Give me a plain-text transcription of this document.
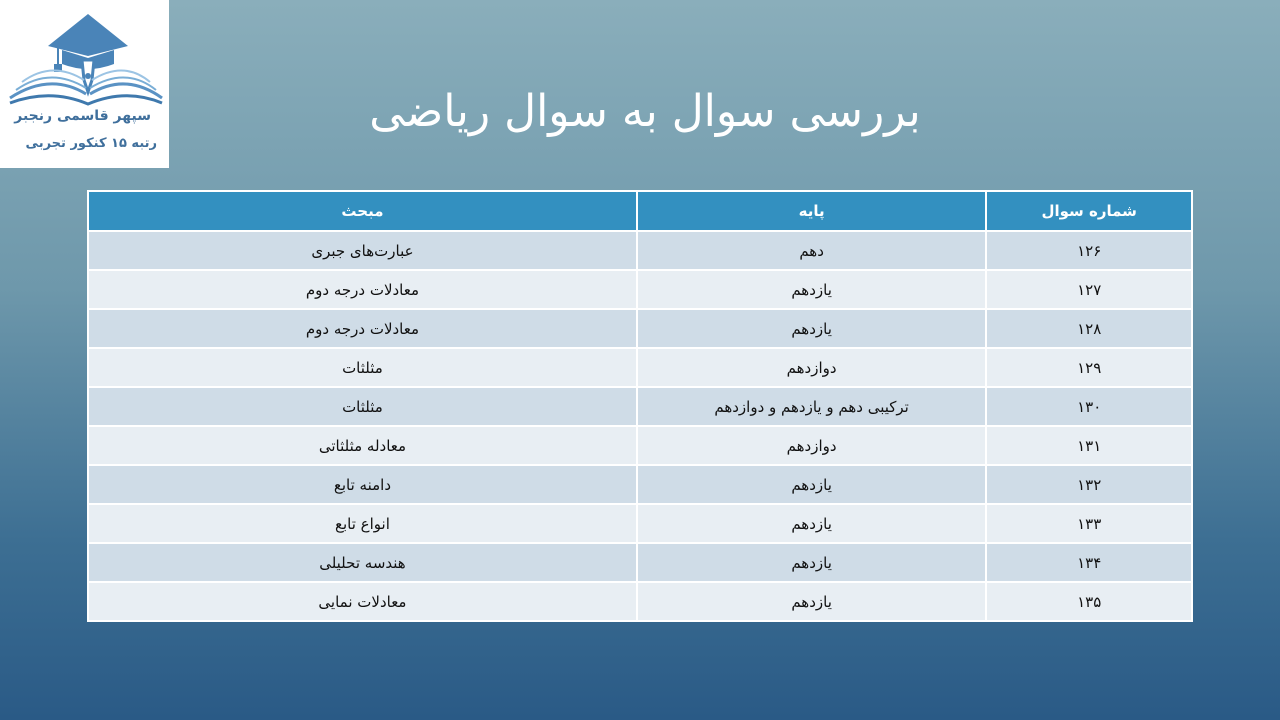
سپهر قاسمی رنجبر
رتبه ۱۵ کنکور تجربی
بررسی سوال به سوال ریاضی
شماره سوال	پایه	مبحث
۱۲۶	دهم	عبارت‌های جبری
۱۲۷	یازدهم	معادلات درجه دوم
۱۲۸	یازدهم	معادلات درجه دوم
۱۲۹	دوازدهم	مثلثات
۱۳۰	ترکیبی دهم و یازدهم و دوازدهم	مثلثات
۱۳۱	دوازدهم	معادله مثلثاتی
۱۳۲	یازدهم	دامنه تابع
۱۳۳	یازدهم	انواع تابع
۱۳۴	یازدهم	هندسه تحلیلی
۱۳۵	یازدهم	معادلات نمایی
